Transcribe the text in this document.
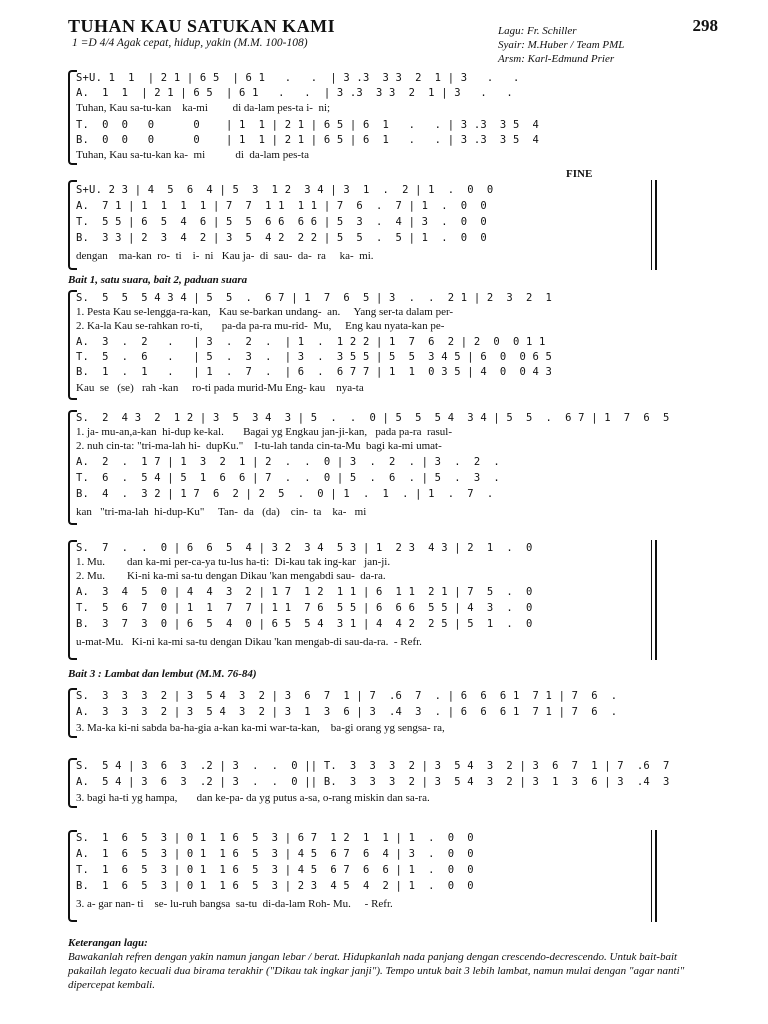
TUHAN KAU SATUKAN KAMI
1 =D 4/4 Agak cepat, hidup, yakin (M.M. 100-108)
Lagu: Fr. Schiller
Syair: M.Huber / Team PML
Arsm: Karl-Edmund Prier
298
S+U. 1  1  | 2 1 | 6 5  | 6 1   .   .  | 3 .3  3 3  2  1 | 3   .   .
A.  1  1  | 2 1 | 6 5  | 6 1   .   .  | 3 .3  3 3  2  1 | 3   .   .
Tuhan, Kau sa-tu-kan    ka-mi         di da-lam pes-ta i-  ni;
T.  0  0   0      0    | 1  1 | 2 1 | 6 5 | 6  1   .   . | 3 .3  3 5  4
B.  0  0   0      0    | 1  1 | 2 1 | 6 5 | 6  1   .   . | 3 .3  3 5  4
Tuhan, Kau sa-tu-kan ka-  mi           di  da-lam pes-ta
FINE
S+U. 2 3 | 4  5  6  4 | 5  3  1 2  3 4 | 3  1  .  2 | 1  .  0  0
A.  7 1 | 1  1  1  1 | 7  7  1 1  1 1 | 7  6  .  7 | 1  .  0  0
T.  5 5 | 6  5  4  6 | 5  5  6 6  6 6 | 5  3  .  4 | 3  .  0  0
B.  3 3 | 2  3  4  2 | 3  5  4 2  2 2 | 5  5  .  5 | 1  .  0  0
dengan    ma-kan  ro-  ti    i-  ni   Kau ja-  di  sau-  da-  ra     ka-  mi.
Bait 1, satu suara, bait 2, paduan suara
S.  5  5  5 4 3 4 | 5  5  .  6 7 | 1  7  6  5 | 3  .  .  2 1 | 2  3  2  1
1. Pesta Kau se-lengga-ra-kan,   Kau se-barkan undang-  an.     Yang ser-ta dalam per-
2. Ka-la Kau se-rahkan ro-ti,       pa-da pa-ra mu-rid-  Mu,     Eng kau nyata-kan pe-
A.  3  .  2   .   | 3  .  2  .  | 1  .  1 2 2 | 1  7  6  2 | 2  0  0 1 1
T.  5  .  6   .   | 5  .  3  .  | 3  .  3 5 5 | 5  5  3 4 5 | 6  0  0 6 5
B.  1  .  1   .   | 1  .  7  .  | 6  .  6 7 7 | 1  1  0 3 5 | 4  0  0 4 3
Kau  se   (se)   rah -kan     ro-ti pada murid-Mu Eng- kau    nya-ta
S.  2  4 3  2  1 2 | 3  5  3 4  3 | 5  .  .  0 | 5  5  5 4  3 4 | 5  5  .  6 7 | 1  7  6  5
1. ja- mu-an,a-kan  hi-dup ke-kal.       Bagai yg Engkau jan-ji-kan,   pada pa-ra  rasul-
2. nuh cin-ta: "tri-ma-lah hi-  dupKu."    I-tu-lah tanda cin-ta-Mu  bagi ka-mi umat-
A.  2  .  1 7 | 1  3  2  1 | 2  .  .  0 | 3  .  2  . | 3  .  2  .
T.  6  .  5 4 | 5  1  6  6 | 7  .  .  0 | 5  .  6  . | 5  .  3  .
B.  4  .  3 2 | 1 7  6  2 | 2  5  .  0 | 1  .  1  . | 1  .  7  .
kan   "tri-ma-lah  hi-dup-Ku"     Tan-  da   (da)    cin-  ta    ka-   mi
S.  7  .  .  0 | 6  6  5  4 | 3 2  3 4  5 3 | 1  2 3  4 3 | 2  1  .  0
1. Mu.        dan ka-mi per-ca-ya tu-lus ha-ti:  Di-kau tak ing-kar   jan-ji.
2. Mu.        Ki-ni ka-mi sa-tu dengan Dikau 'kan mengabdi sau-  da-ra.
A.  3  4  5  0 | 4  4  3  2 | 1 7  1 2  1 1 | 6  1 1  2 1 | 7  5  .  0
T.  5  6  7  0 | 1  1  7  7 | 1 1  7 6  5 5 | 6  6 6  5 5 | 4  3  .  0
B.  3  7  3  0 | 6  5  4  0 | 6 5  5 4  3 1 | 4  4 2  2 5 | 5  1  .  0
u-mat-Mu.   Ki-ni ka-mi sa-tu dengan Dikau 'kan mengab-di sau-da-ra.  - Refr.
Bait 3 : Lambat dan lembut (M.M. 76-84)
S.  3  3  3  2 | 3  5 4  3  2 | 3  6  7  1 | 7  .6  7  . | 6  6  6 1  7 1 | 7  6  .
A.  3  3  3  2 | 3  5 4  3  2 | 3  1  3  6 | 3  .4  3  . | 6  6  6 1  7 1 | 7  6  .
3. Ma-ka ki-ni sabda ba-ha-gia a-kan ka-mi war-ta-kan,    ba-gi orang yg sengsa- ra,
S.  5 4 | 3  6  3  .2 | 3  .  .  0 || T.  3  3  3  2 | 3  5 4  3  2 | 3  6  7  1 | 7  .6  7
A.  5 4 | 3  6  3  .2 | 3  .  .  0 || B.  3  3  3  2 | 3  5 4  3  2 | 3  1  3  6 | 3  .4  3
3. bagi ha-ti yg hampa,       dan ke-pa- da yg putus a-sa, o-rang miskin dan sa-ra.
S.  1  6  5  3 | 0 1  1 6  5  3 | 6 7  1 2  1  1 | 1  .  0  0
A.  1  6  5  3 | 0 1  1 6  5  3 | 4 5  6 7  6  4 | 3  .  0  0
T.  1  6  5  3 | 0 1  1 6  5  3 | 4 5  6 7  6  6 | 1  .  0  0
B.  1  6  5  3 | 0 1  1 6  5  3 | 2 3  4 5  4  2 | 1  .  0  0
3. a- gar nan- ti    se- lu-ruh bangsa  sa-tu  di-da-lam Roh- Mu.     - Refr.
Keterangan lagu:
Bawakanlah refren dengan yakin namun jangan lebar / berat. Hidupkanlah nada panjang dengan crescendo-decrescendo. Untuk bait-bait pakailah legato kecuali dua birama terakhir ("Dikau tak ingkar janji"). Tempo untuk bait 3 lebih lambat, namun mulai dengan "agar nanti" dipercepat kembali.
